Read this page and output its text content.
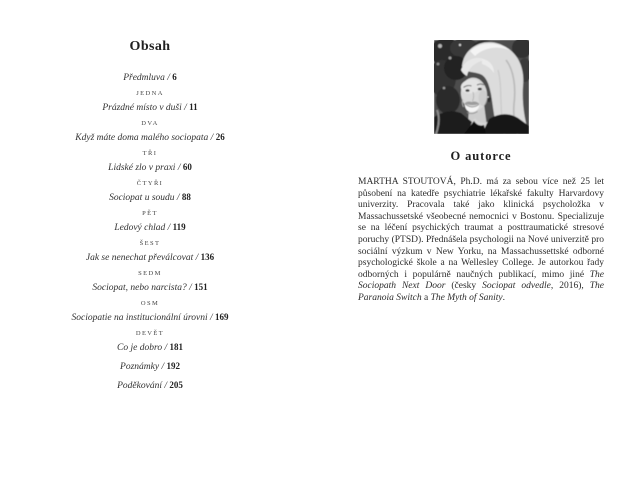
Obsah
Předmluva / 6
JEDNA
Prázdné místo v duši / 11
DVA
Když máte doma malého sociopata / 26
TŘI
Lidské zlo v praxi / 60
ČTYŘI
Sociopat u soudu / 88
PĚT
Ledový chlad / 119
ŠEST
Jak se nenechat převálcovat / 136
SEDM
Sociopat, nebo narcista? / 151
OSM
Sociopatie na institucionální úrovni / 169
DEVĚT
Co je dobro / 181
Poznámky / 192
Poděkování / 205
O autorce

MARTHA STOUTOVÁ, Ph.D. má za sebou více než 25 let působení na katedře psychiatrie lékařské fakulty Harvardovy univerzity. Pracovala také jako klinická psycholožka v Massachussetské všeobecné nemocnici v Bostonu. Specializuje se na léčení psychických traumat a posttraumatické stresové poruchy (PTSD). Přednášela psychologii na Nové univerzitě pro sociální výzkum v New Yorku, na Massachussettské odborné psychologické škole a na Wellesley College. Je autorkou řady odborných i populárně naučných publikací, mimo jiné The Sociopath Next Door (česky Sociopat odvedle, 2016), The Paranoia Switch a The Myth of Sanity.
